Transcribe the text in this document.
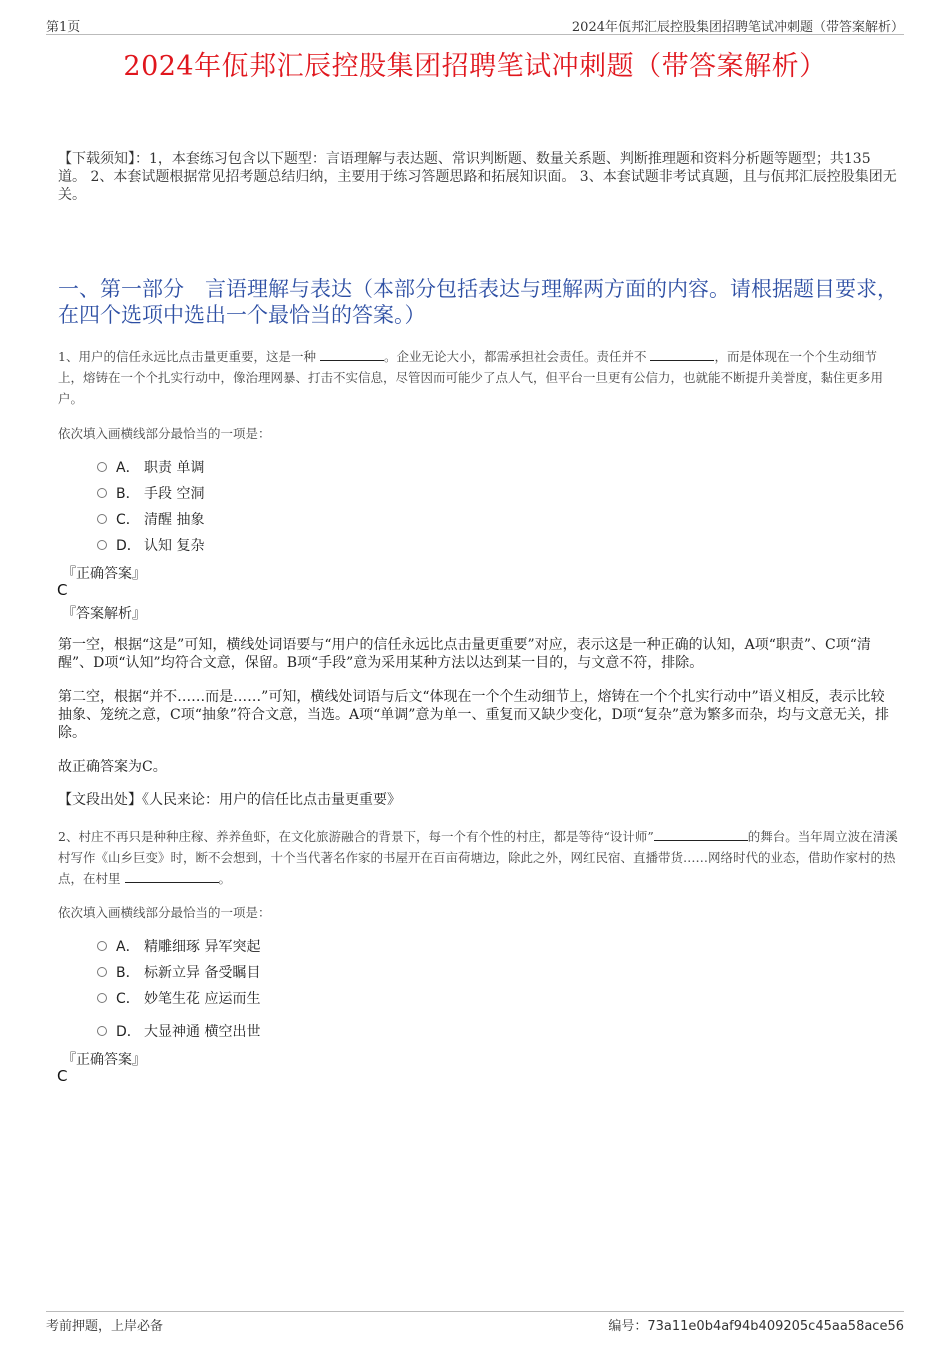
第1页	2024年佤邦汇辰控股集团招聘笔试冲刺题（带答案解析）
2024年佤邦汇辰控股集团招聘笔试冲刺题（带答案解析）
【下载须知】：1，本套练习包含以下题型：言语理解与表达题、常识判断题、数量关系题、判断推理题和资料分析题等题型；共135道。 2、本套试题根据常见招考题总结归纳，主要用于练习答题思路和拓展知识面。 3、本套试题非考试真题，且与佤邦汇辰控股集团无关。
一、第一部分　言语理解与表达（本部分包括表达与理解两方面的内容。请根据题目要求，在四个选项中选出一个最恰当的答案。）
1、用户的信任永远比点击量更重要，这是一种	。企业无论大小，都需承担社会责任。责任并不	，而是体现在一个个生动细节上，熔铸在一个个扎实行动中，像治理网暴、打击不实信息，尽管因而可能少了点人气，但平台一旦更有公信力，也就能不断提升美誉度，黏住更多用户。
依次填入画横线部分最恰当的一项是：
A． 职责 单调
B． 手段 空洞
C． 清醒 抽象
D． 认知 复杂
『正确答案』
C
『答案解析』
第一空，根据“这是”可知，横线处词语要与“用户的信任永远比点击量更重要”对应，表示这是一种正确的认知，A项“职责”、C项“清醒”、D项“认知”均符合文意，保留。B项“手段”意为采用某种方法以达到某一目的，与文意不符，排除。
第二空，根据“并不……而是……”可知，横线处词语与后文“体现在一个个生动细节上，熔铸在一个个扎实行动中”语义相反，表示比较抽象、笼统之意，C项“抽象”符合文意，当选。A项“单调”意为单一、重复而又缺少变化，D项“复杂”意为繁多而杂，均与文意无关，排除。
故正确答案为C。
【文段出处】《人民来论：用户的信任比点击量更重要》
2、村庄不再只是种种庄稼、养养鱼虾，在文化旅游融合的背景下，每一个有个性的村庄，都是等待“设计师”	的舞台。当年周立波在清溪村写作《山乡巨变》时，断不会想到，十个当代著名作家的书屋开在百亩荷塘边，除此之外，网红民宿、直播带货……网络时代的业态，借助作家村的热点，在村里	。
依次填入画横线部分最恰当的一项是：
A． 精雕细琢 异军突起
B． 标新立异 备受瞩目
C． 妙笔生花 应运而生
D． 大显神通 横空出世
『正确答案』
C
考前押题，上岸必备	编号：73a11e0b4af94b409205c45aa58ace56
